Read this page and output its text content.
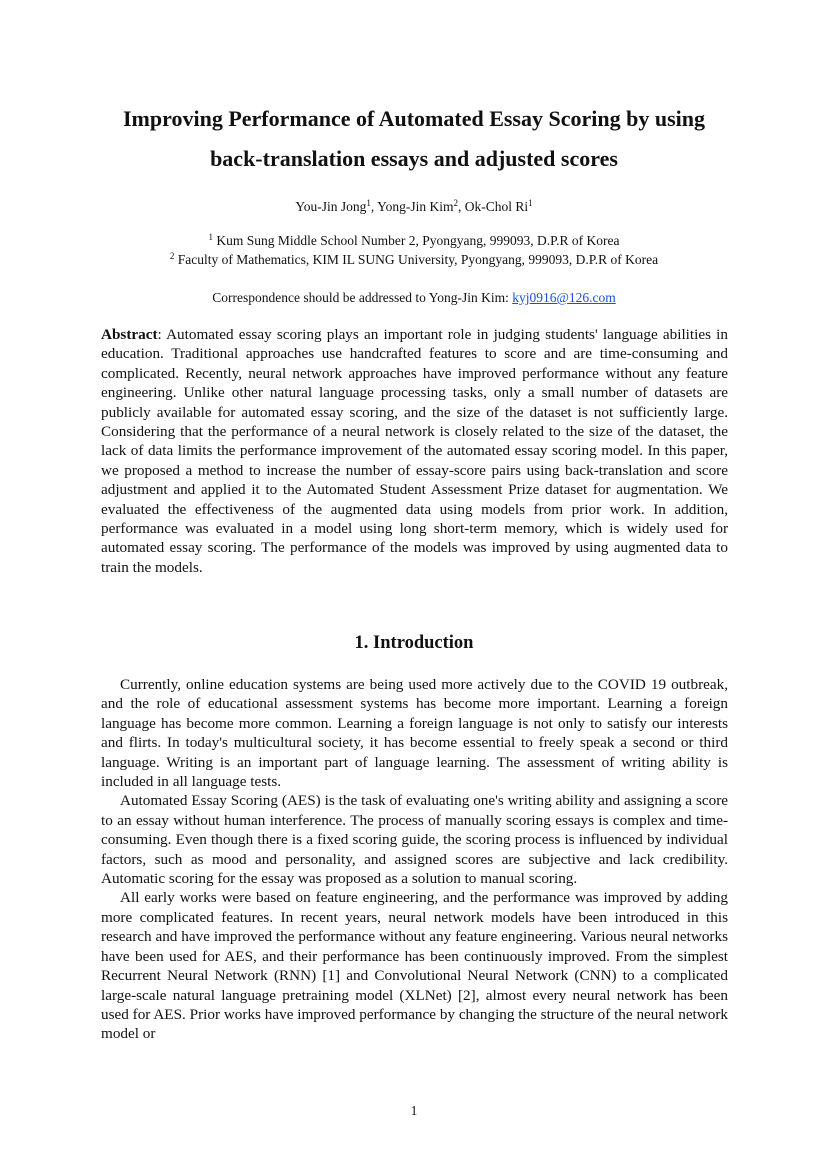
Improving Performance of Automated Essay Scoring by using
back-translation essays and adjusted scores
You-Jin Jong$^1$, Yong-Jin Kim$^2$, Ok-Chol Ri$^1$
$^1$ Kum Sung Middle School Number 2, Pyongyang, 999093, D.P.R of Korea
$^2$ Faculty of Mathematics, KIM IL SUNG University, Pyongyang, 999093, D.P.R of Korea
Correspondence should be addressed to Yong-Jin Kim: kyj0916@126.com

Abstract: Automated essay scoring plays an important role in judging students' language abilities in education. Traditional approaches use handcrafted features to score and are time-consuming and complicated. Recently, neural network approaches have improved performance without any feature engineering. Unlike other natural language processing tasks, only a small number of datasets are publicly available for automated essay scoring, and the size of the dataset is not sufficiently large. Considering that the performance of a neural network is closely related to the size of the dataset, the lack of data limits the performance improvement of the automated essay scoring model. In this paper, we proposed a method to increase the number of essay-score pairs using back-translation and score adjustment and applied it to the Automated Student Assessment Prize dataset for augmentation. We evaluated the effectiveness of the augmented data using models from prior work. In addition, performance was evaluated in a model using long short-term memory, which is widely used for automated essay scoring. The performance of the models was improved by using augmented data to train the models.

1. Introduction

Currently, online education systems are being used more actively due to the COVID 19 outbreak, and the role of educational assessment systems has become more important. Learning a foreign language has become more common. Learning a foreign language is not only to satisfy our interests and flirts. In today's multicultural society, it has become essential to freely speak a second or third language. Writing is an important part of language learning. The assessment of writing ability is included in all language tests.

Automated Essay Scoring (AES) is the task of evaluating one's writing ability and assigning a score to an essay without human interference. The process of manually scoring essays is complex and time-consuming. Even though there is a fixed scoring guide, the scoring process is influenced by individual factors, such as mood and personality, and assigned scores are subjective and lack credibility. Automatic scoring for the essay was proposed as a solution to manual scoring.

All early works were based on feature engineering, and the performance was improved by adding more complicated features. In recent years, neural network models have been introduced in this research and have improved the performance without any feature engineering. Various neural networks have been used for AES, and their performance has been continuously improved. From the simplest Recurrent Neural Network (RNN) [1] and Convolutional Neural Network (CNN) to a complicated large-scale natural language pretraining model (XLNet) [2], almost every neural network has been used for AES. Prior works have improved performance by changing the structure of the neural network model or

1
